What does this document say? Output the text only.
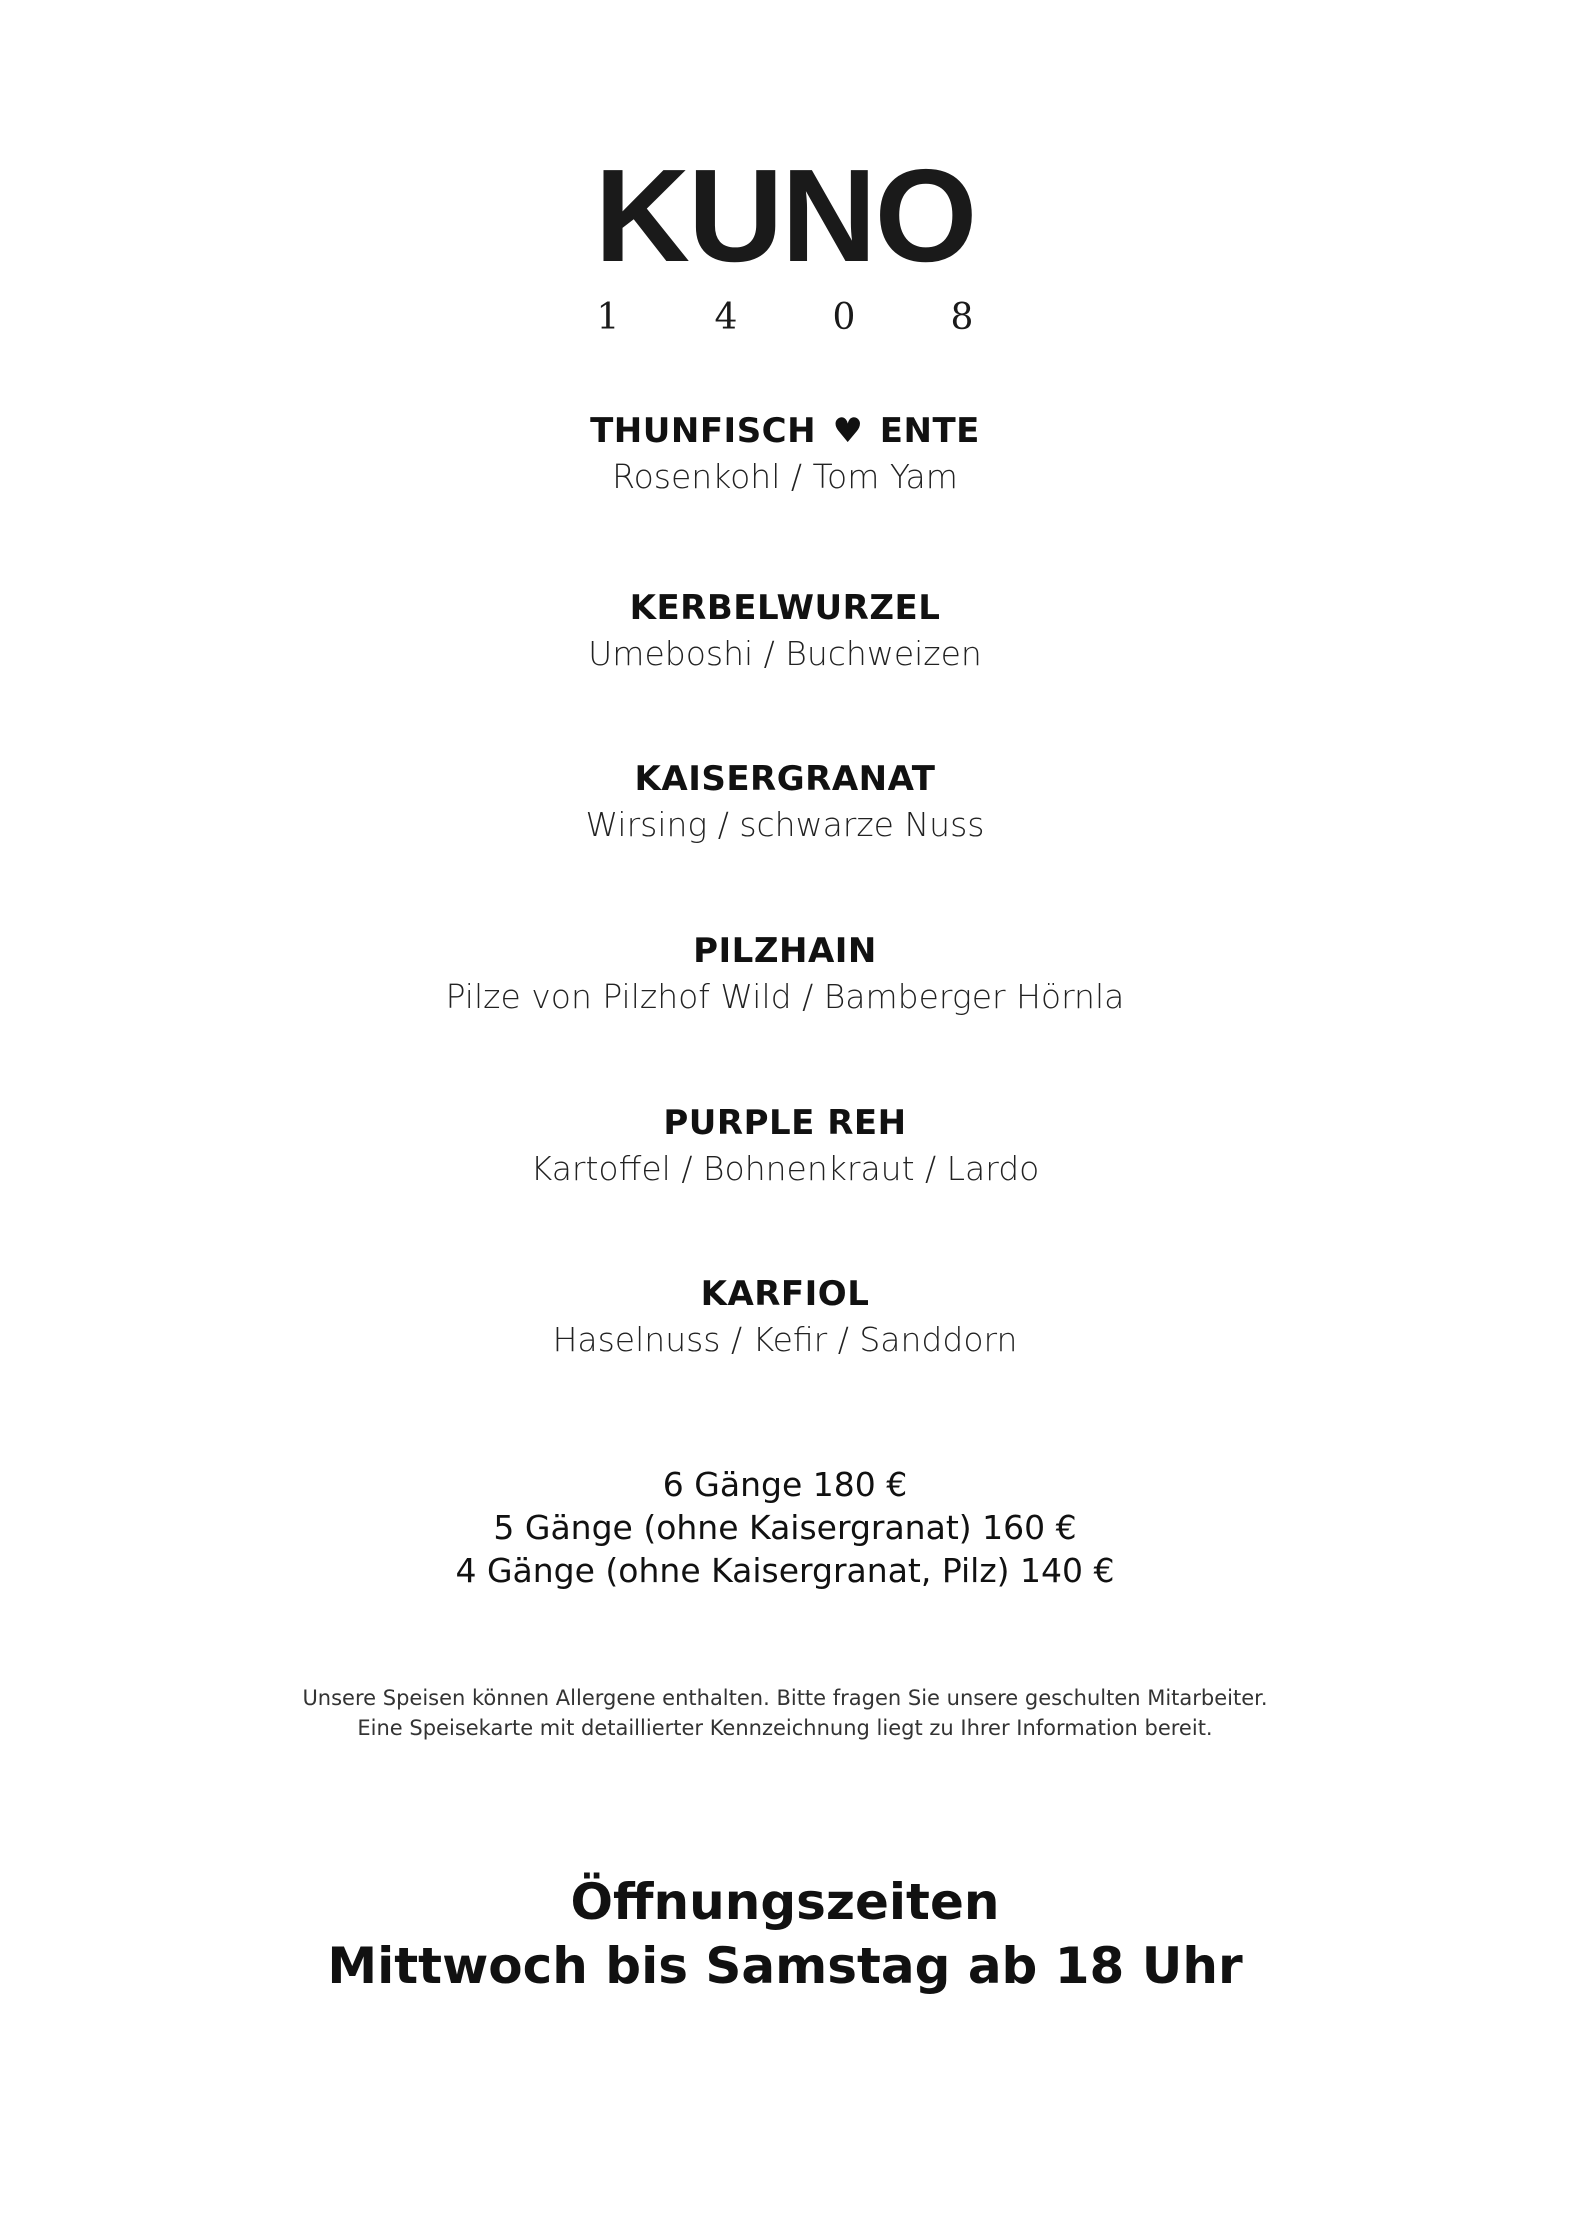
KUNO
1	4	0	8
THUNFISCH ♥ ENTE
Rosenkohl / Tom Yam
KERBELWURZEL
Umeboshi / Buchweizen
KAISERGRANAT
Wirsing / schwarze Nuss
PILZHAIN
Pilze von Pilzhof Wild / Bamberger Hörnla
PURPLE REH
Kartoffel / Bohnenkraut / Lardo
KARFIOL
Haselnuss / Kefir / Sanddorn
6 Gänge 180 €
5 Gänge (ohne Kaisergranat) 160 €
4 Gänge (ohne Kaisergranat, Pilz) 140 €
Unsere Speisen können Allergene enthalten. Bitte fragen Sie unsere geschulten Mitarbeiter.
Eine Speisekarte mit detaillierter Kennzeichnung liegt zu Ihrer Information bereit.
Öffnungszeiten
Mittwoch bis Samstag ab 18 Uhr
